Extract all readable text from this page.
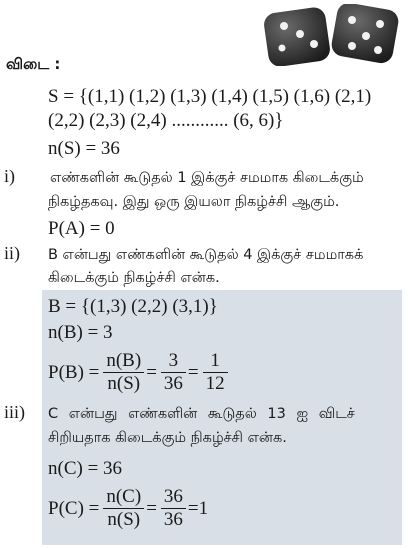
விடை :
S = {(1,1) (1,2) (1,3) (1,4) (1,5) (1,6) (2,1)
(2,2) (2,3) (2,4) ............ (6, 6)}
n(S) = 36
i) எண்களின் கூடுதல் 1 இக்குச் சமமாக கிடைக்கும்
நிகழ்தகவு. இது ஒரு இயலா நிகழ்ச்சி ஆகும்.
P(A) = 0
ii) B என்பது எண்களின் கூடுதல் 4 இக்குச் சமமாகக்
கிடைக்கும் நிகழ்ச்சி என்க.
B = {(1,3) (2,2) (3,1)}
n(B) = 3
$P(B) = \frac{n(B)}{n(S)} = \frac{3}{36} = \frac{1}{12}$
iii) C என்பது எண்களின் கூடுதல் 13 ஐ விடச்
சிறியதாக கிடைக்கும் நிகழ்ச்சி என்க.
n(C) = 36
$P(C) = \frac{n(C)}{n(S)} = \frac{36}{36} =1$
